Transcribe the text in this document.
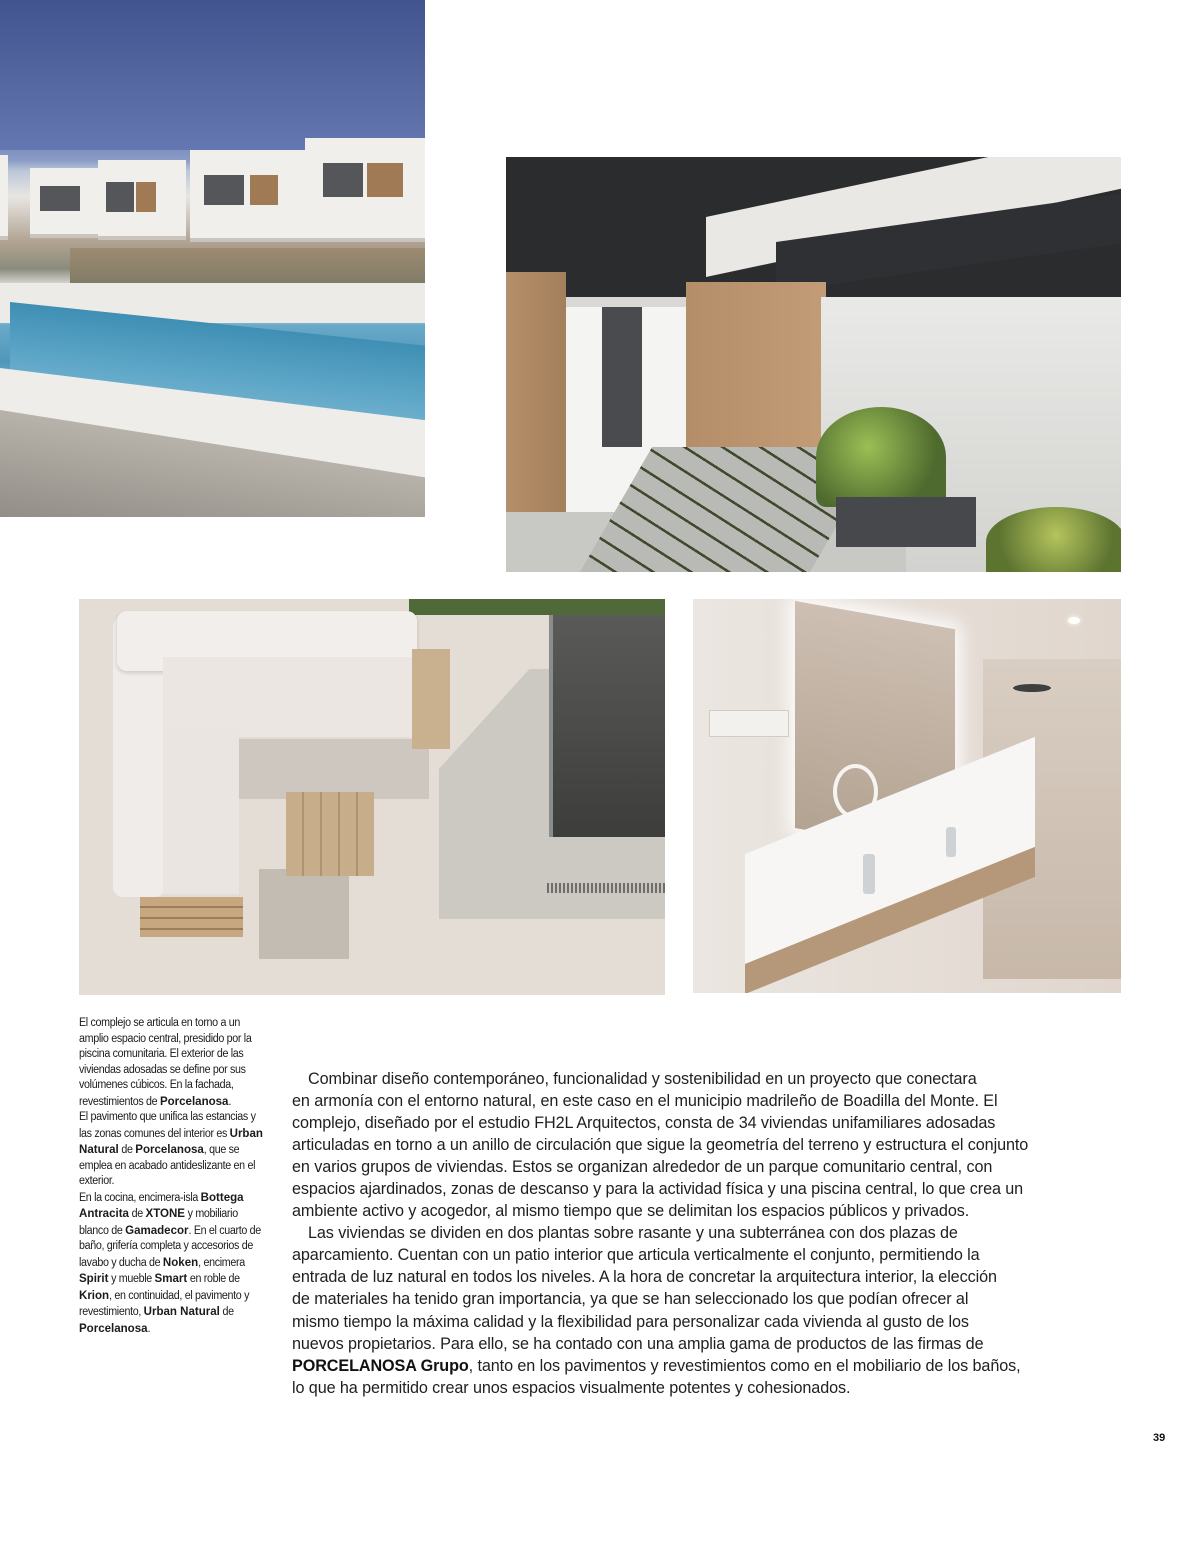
El complejo se articula en torno a un amplio espacio central, presidido por la piscina comunitaria. El exterior de las viviendas adosadas se define por sus volúmenes cúbicos. En la fachada, revestimientos de Porcelanosa.
El pavimento que unifica las estancias y las zonas comunes del interior es Urban Natural de Porcelanosa, que se emplea en acabado antideslizante en el exterior.
En la cocina, encimera-isla Bottega Antracita de XTONE y mobiliario blanco de Gamadecor. En el cuarto de baño, grifería completa y accesorios de lavabo y ducha de Noken, encimera Spirit y mueble Smart en roble de Krion, en continuidad, el pavimento y revestimiento, Urban Natural de Porcelanosa.
Combinar diseño contemporáneo, funcionalidad y sostenibilidad en un proyecto que conectara
en armonía con el entorno natural, en este caso en el municipio madrileño de Boadilla del Monte. El
complejo, diseñado por el estudio FH2L Arquitectos, consta de 34 viviendas unifamiliares adosadas
articuladas en torno a un anillo de circulación que sigue la geometría del terreno y estructura el conjunto
en varios grupos de viviendas. Estos se organizan alrededor de un parque comunitario central, con
espacios ajardinados, zonas de descanso y para la actividad física y una piscina central, lo que crea un
ambiente activo y acogedor, al mismo tiempo que se delimitan los espacios públicos y privados.
Las viviendas se dividen en dos plantas sobre rasante y una subterránea con dos plazas de
aparcamiento. Cuentan con un patio interior que articula verticalmente el conjunto, permitiendo la
entrada de luz natural en todos los niveles. A la hora de concretar la arquitectura interior, la elección
de materiales ha tenido gran importancia, ya que se han seleccionado los que podían ofrecer al
mismo tiempo la máxima calidad y la flexibilidad para personalizar cada vivienda al gusto de los
nuevos propietarios. Para ello, se ha contado con una amplia gama de productos de las firmas de
PORCELANOSA Grupo, tanto en los pavimentos y revestimientos como en el mobiliario de los baños,
lo que ha permitido crear unos espacios visualmente potentes y cohesionados.
39
